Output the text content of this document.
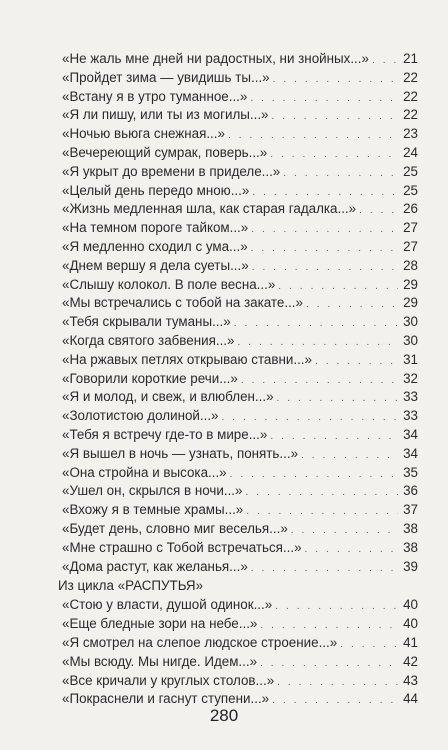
«Не жаль мне дней ни радостных, ни знойных...» . . .	21
«Пройдет зима — увидишь ты...» . . .	22
«Встану я в утро туманное...» . . .	22
«Я ли пишу, или ты из могилы...» . . .	22
«Ночью вьюга снежная...» . . .	23
«Вечереющий сумрак, поверь...» . . .	24
«Я укрыт до времени в приделе...» . . .	25
«Целый день передо мною...» . . .	25
«Жизнь медленная шла, как старая гадалка...» . . .	26
«На темном пороге тайком...» . . .	27
«Я медленно сходил с ума...» . . .	27
«Днем вершу я дела суеты...» . . .	28
«Слышу колокол. В поле весна...» . . .	29
«Мы встречались с тобой на закате...» . . .	29
«Тебя скрывали туманы...» . . .	30
«Когда святого забвения...» . . .	30
«На ржавых петлях открываю ставни...» . . .	31
«Говорили короткие речи...» . . .	32
«Я и молод, и свеж, и влюблен...» . . .	33
«Золотистою долиной...» . . .	33
«Тебя я встречу где-то в мире...» . . .	34
«Я вышел в ночь — узнать, понять...» . . .	34
«Она стройна и высока...» . . .	35
«Ушел он, скрылся в ночи...» . . .	36
«Вхожу я в темные храмы...» . . .	37
«Будет день, словно миг веселья...» . . .	38
«Мне страшно с Тобой встречаться...» . . .	38
«Дома растут, как желанья...» . . .	39
Из цикла «РАСПУТЬЯ»
«Стою у власти, душой одинок...» . . .	40
«Еще бледные зори на небе...» . . .	40
«Я смотрел на слепое людское строение...» . . .	41
«Мы всюду. Мы нигде. Идем...» . . .	42
«Все кричали у круглых столов...» . . .	43
«Покраснели и гаснут ступени...» . . .	44
280
